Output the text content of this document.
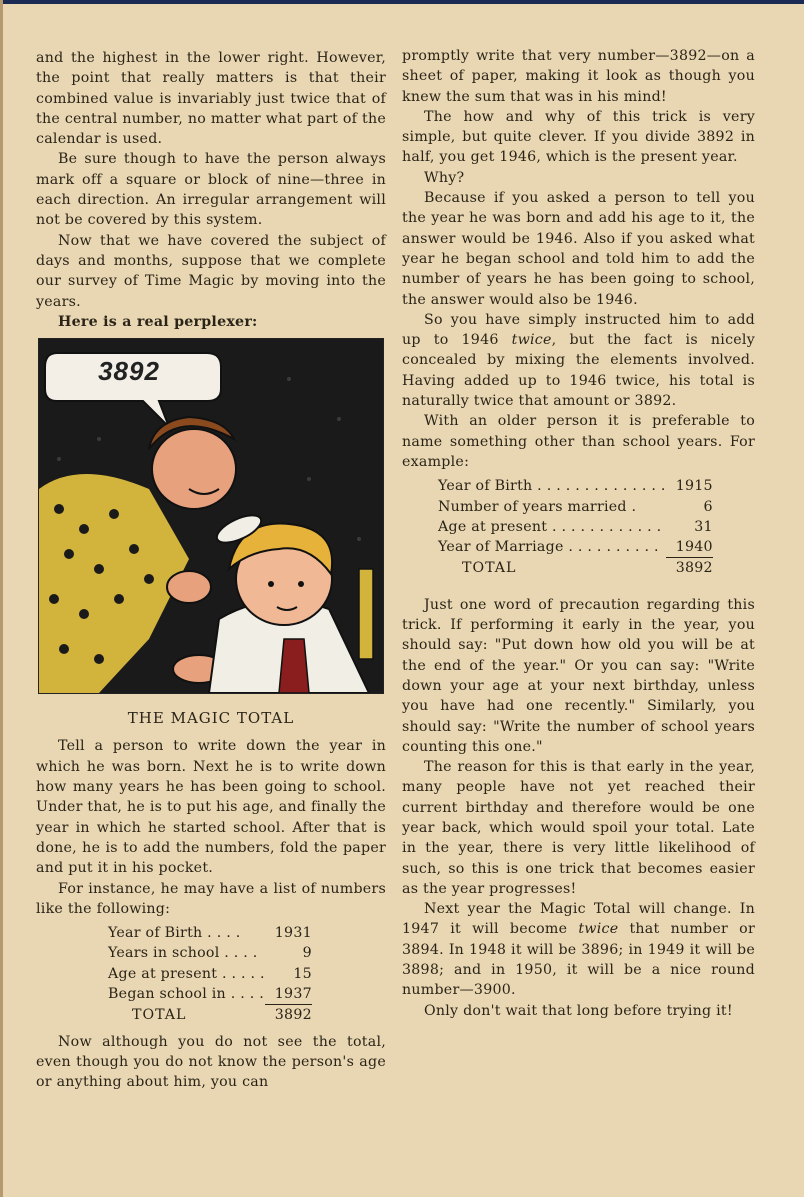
and the highest in the lower right. However, the point that really matters is that their combined value is invariably just twice that of the central number, no matter what part of the calendar is used.

Be sure though to have the person always mark off a square or block of nine—three in each direction. An irregular arrangement will not be covered by this system.

Now that we have covered the subject of days and months, suppose that we complete our survey of Time Magic by moving into the years.

Here is a real perplexer:

3892
THE MAGIC TOTAL

Tell a person to write down the year in which he was born. Next he is to write down how many years he has been going to school. Under that, he is to put his age, and finally the year in which he started school. After that is done, he is to add the numbers, fold the paper and put it in his pocket.

For instance, he may have a list of numbers like the following:

Year of Birth . . . .	1931
Years in school . . . .	9
Age at present . . . . .	15
Began school in . . . .	1937
TOTAL	3892

Now although you do not see the total, even though you do not know the person's age or anything about him, you can

promptly write that very number—3892—on a sheet of paper, making it look as though you knew the sum that was in his mind!

The how and why of this trick is very simple, but quite clever. If you divide 3892 in half, you get 1946, which is the present year.

Why?

Because if you asked a person to tell you the year he was born and add his age to it, the answer would be 1946. Also if you asked what year he began school and told him to add the number of years he has been going to school, the answer would also be 1946.

So you have simply instructed him to add up to 1946 twice, but the fact is nicely concealed by mixing the elements involved. Having added up to 1946 twice, his total is naturally twice that amount or 3892.

With an older person it is preferable to name something other than school years. For example:

Year of Birth . . . . . . . . . . . . . .	1915
Number of years married .	6
Age at present . . . . . . . . . . . .	31
Year of Marriage . . . . . . . . . .	1940
TOTAL	3892

Just one word of precaution regarding this trick. If performing it early in the year, you should say: "Put down how old you will be at the end of the year." Or you can say: "Write down your age at your next birthday, unless you have had one recently." Similarly, you should say: "Write the number of school years counting this one."

The reason for this is that early in the year, many people have not yet reached their current birthday and therefore would be one year back, which would spoil your total. Late in the year, there is very little likelihood of such, so this is one trick that becomes easier as the year progresses!

Next year the Magic Total will change. In 1947 it will become twice that number or 3894. In 1948 it will be 3896; in 1949 it will be 3898; and in 1950, it will be a nice round number—3900.

Only don't wait that long before trying it!
